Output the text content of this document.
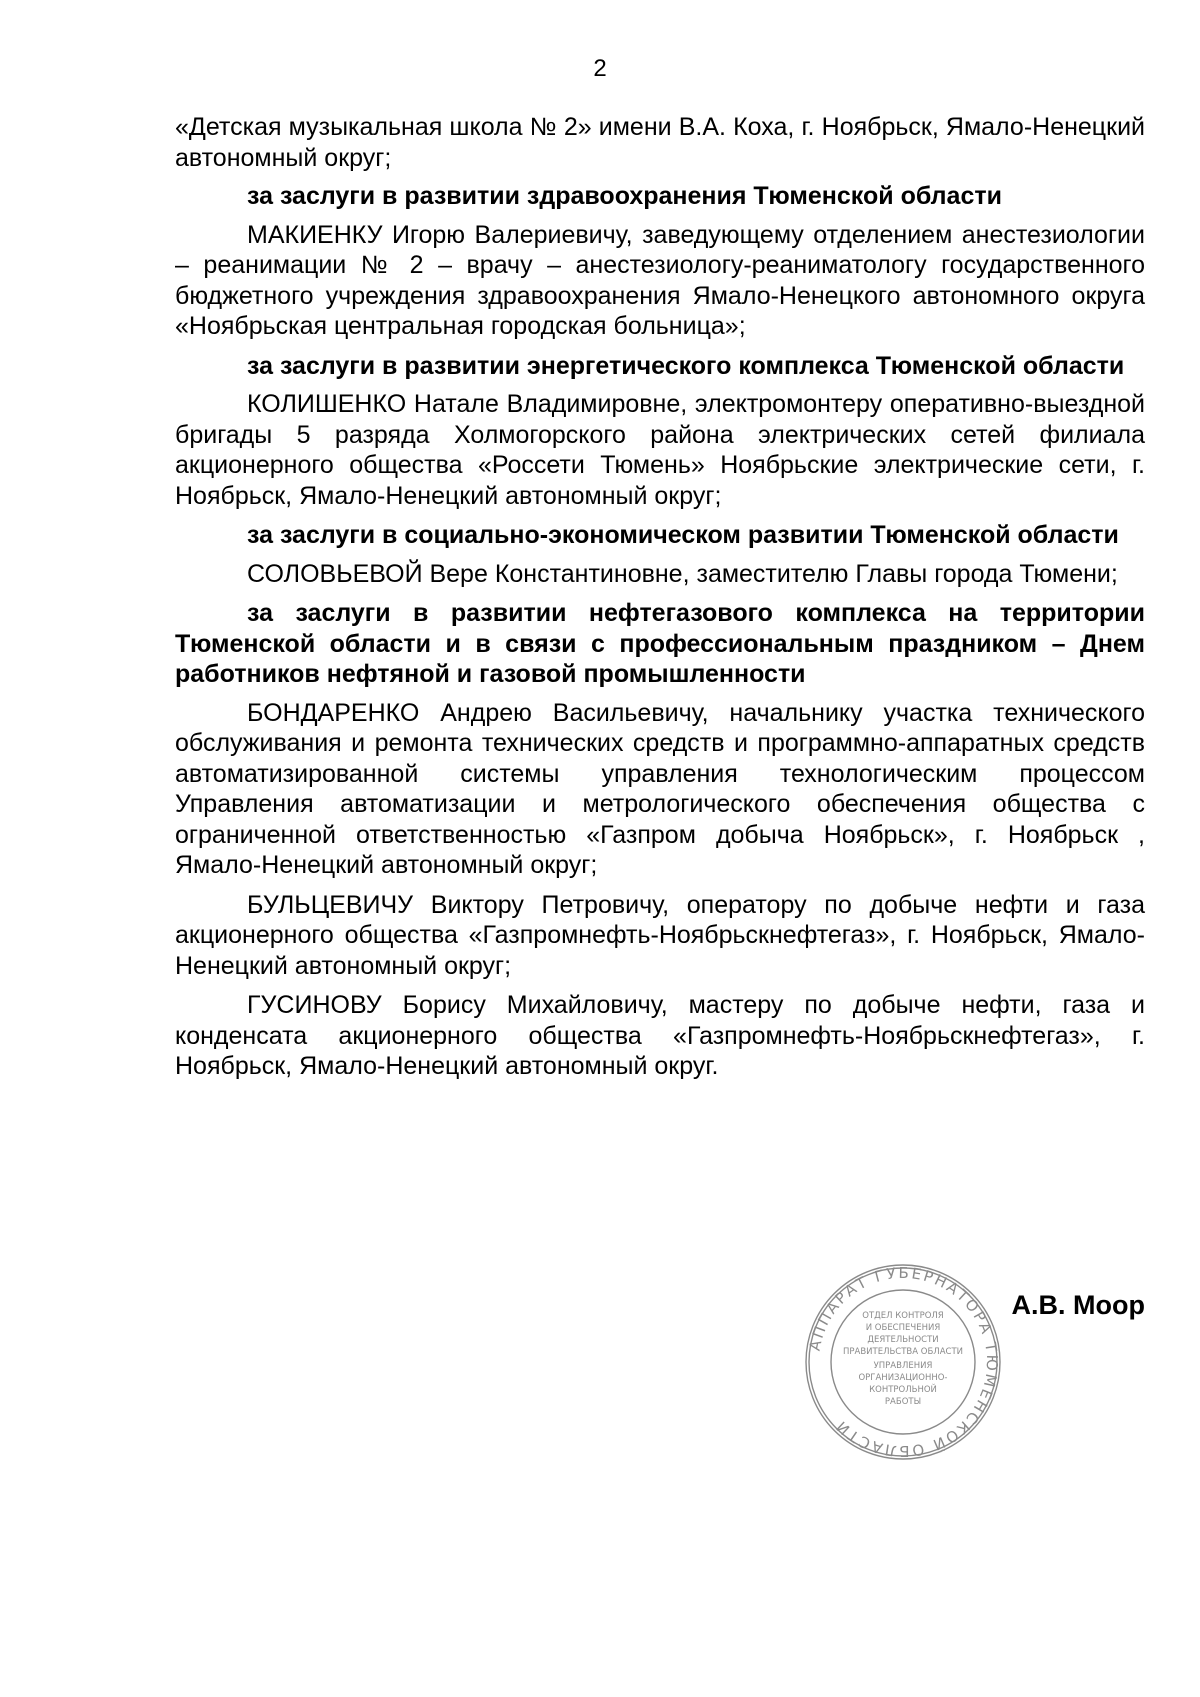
2

«Детская музыкальная школа № 2» имени В.А. Коха, г. Ноябрьск, Ямало-Ненецкий автономный округ;

за заслуги в развитии здравоохранения Тюменской области

МАКИЕНКУ Игорю Валериевичу, заведующему отделением анестезиологии – реанимации № 2 – врачу – анестезиологу-реаниматологу государственного бюджетного учреждения здравоохранения Ямало-Ненецкого автономного округа «Ноябрьская центральная городская больница»;

за заслуги в развитии энергетического комплекса Тюменской области

КОЛИШЕНКО Натале Владимировне, электромонтеру оперативно-выездной бригады 5 разряда Холмогорского района электрических сетей филиала акционерного общества «Россети Тюмень» Ноябрьские электрические сети, г. Ноябрьск, Ямало-Ненецкий автономный округ;

за заслуги в социально-экономическом развитии Тюменской области

СОЛОВЬЕВОЙ Вере Константиновне, заместителю Главы города Тюмени;

за заслуги в развитии нефтегазового комплекса на территории Тюменской области и в связи с профессиональным праздником – Днем работников нефтяной и газовой промышленности

БОНДАРЕНКО Андрею Васильевичу, начальнику участка технического обслуживания и ремонта технических средств и программно-аппаратных средств автоматизированной системы управления технологическим процессом Управления автоматизации и метрологического обеспечения общества с ограниченной ответственностью «Газпром добыча Ноябрьск», г. Ноябрьск , Ямало-Ненецкий автономный округ;

БУЛЬЦЕВИЧУ Виктору Петровичу, оператору по добыче нефти и газа акционерного общества «Газпромнефть-Ноябрьскнефтегаз», г. Ноябрьск, Ямало-Ненецкий автономный округ;

ГУСИНОВУ Борису Михайловичу, мастеру по добыче нефти, газа и конденсата акционерного общества «Газпромнефть-Ноябрьскнефтегаз», г. Ноябрьск, Ямало-Ненецкий автономный округ.

АППАРАТ ГУБЕРНАТОРА ТЮМЕНСКОЙ ОБЛАСТИ
ОТДЕЛ КОНТРОЛЯ
И ОБЕСПЕЧЕНИЯ
ДЕЯТЕЛЬНОСТИ
ПРАВИТЕЛЬСТВА ОБЛАСТИ
УПРАВЛЕНИЯ
ОРГАНИЗАЦИОННО-
КОНТРОЛЬНОЙ
РАБОТЫ
А.В. Моор
